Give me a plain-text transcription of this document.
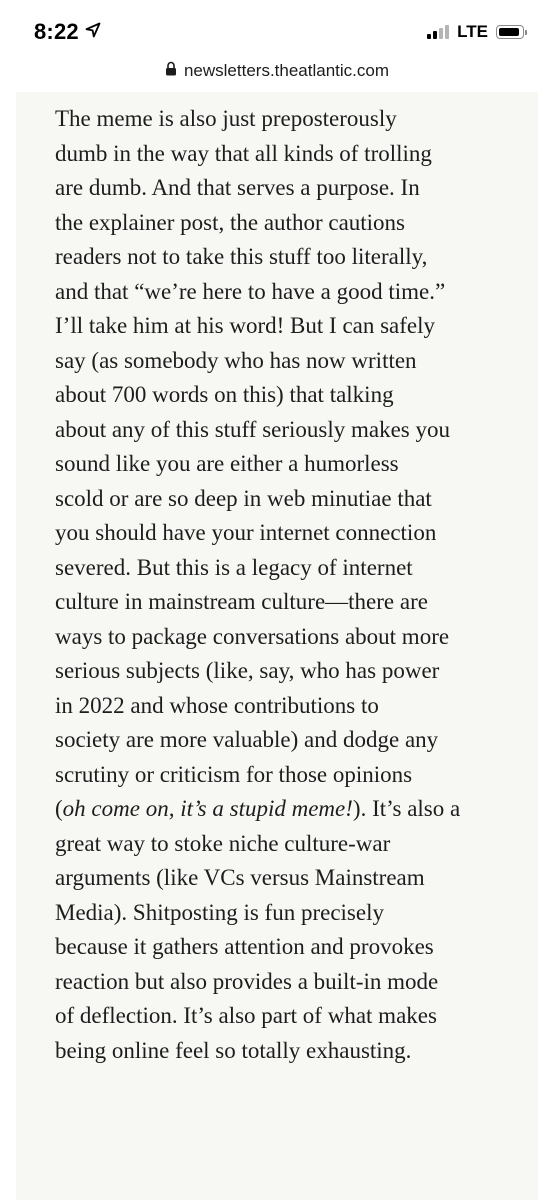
8:22	LTE
newsletters.theatlantic.com

The meme is also just preposterously
dumb in the way that all kinds of trolling
are dumb. And that serves a purpose. In
the explainer post, the author cautions
readers not to take this stuff too literally,
and that “we’re here to have a good time.”
I’ll take him at his word! But I can safely
say (as somebody who has now written
about 700 words on this) that talking
about any of this stuff seriously makes you
sound like you are either a humorless
scold or are so deep in web minutiae that
you should have your internet connection
severed. But this is a legacy of internet
culture in mainstream culture—there are
ways to package conversations about more
serious subjects (like, say, who has power
in 2022 and whose contributions to
society are more valuable) and dodge any
scrutiny or criticism for those opinions
(oh come on, it’s a stupid meme!). It’s also a
great way to stoke niche culture-war
arguments (like VCs versus Mainstream
Media). Shitposting is fun precisely
because it gathers attention and provokes
reaction but also provides a built-in mode
of deflection. It’s also part of what makes
being online feel so totally exhausting.
